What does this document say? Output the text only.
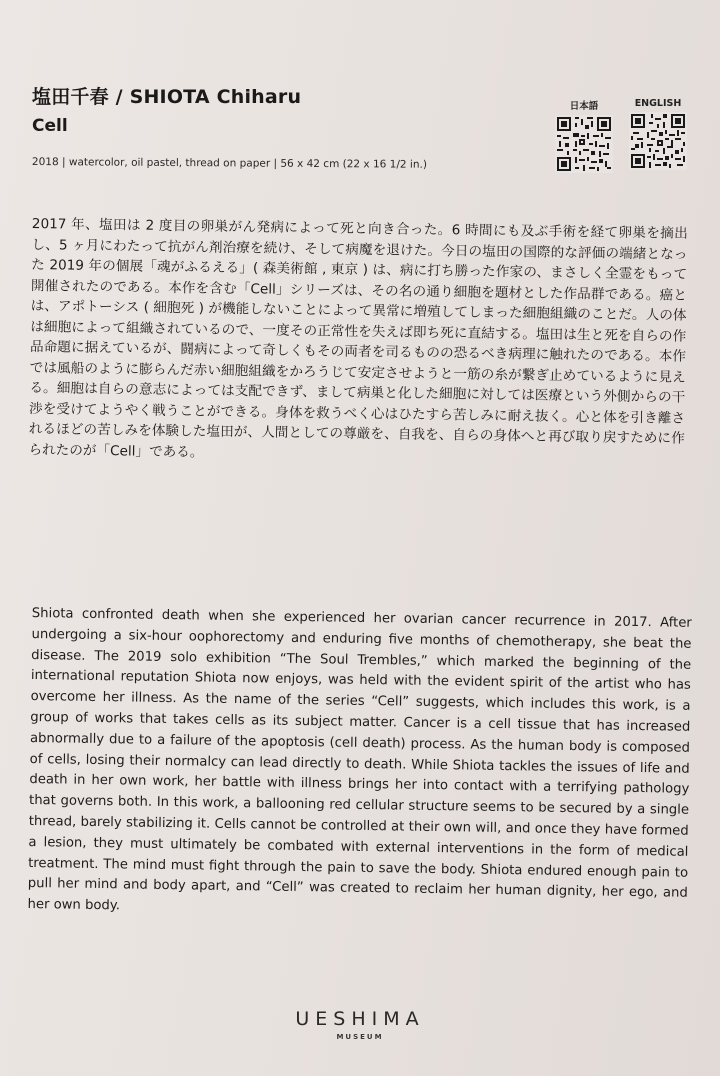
塩田千春 / SHIOTA Chiharu
Cell
2018 | watercolor, oil pastel, thread on paper | 56 x 42 cm (22 x 16 1/2 in.)
日本語	ENGLISH
2017 年、塩田は 2 度目の卵巣がん発病によって死と向き合った。6 時間にも及ぶ手術を経て卵巣を摘出し、5 ヶ月にわたって抗がん剤治療を続け、そして病魔を退けた。今日の塩田の国際的な評価の端緒となった 2019 年の個展「魂がふるえる」( 森美術館 , 東京 ) は、病に打ち勝った作家の、まさしく全霊をもって開催されたのである。本作を含む「Cell」シリーズは、その名の通り細胞を題材とした作品群である。癌とは、アポトーシス ( 細胞死 ) が機能しないことによって異常に増殖してしまった細胞組織のことだ。人の体は細胞によって組織されているので、一度その正常性を失えば即ち死に直結する。塩田は生と死を自らの作品命題に据えているが、闘病によって奇しくもその両者を司るものの恐るべき病理に触れたのである。本作では風船のように膨らんだ赤い細胞組織をかろうじて安定させようと一筋の糸が繋ぎ止めているように見える。細胞は自らの意志によっては支配できず、まして病巣と化した細胞に対しては医療という外側からの干渉を受けてようやく戦うことができる。身体を救うべく心はひたすら苦しみに耐え抜く。心と体を引き離されるほどの苦しみを体験した塩田が、人間としての尊厳を、自我を、自らの身体へと再び取り戻すために作られたのが「Cell」である。
Shiota confronted death when she experienced her ovarian cancer recurrence in 2017. After undergoing a six-hour oophorectomy and enduring five months of chemotherapy, she beat the disease. The 2019 solo exhibition “The Soul Trembles,” which marked the beginning of the international reputation Shiota now enjoys, was held with the evident spirit of the artist who has overcome her illness. As the name of the series “Cell” suggests, which includes this work, is a group of works that takes cells as its subject matter. Cancer is a cell tissue that has increased abnormally due to a failure of the apoptosis (cell death) process. As the human body is composed of cells, losing their normalcy can lead directly to death. While Shiota tackles the issues of life and death in her own work, her battle with illness brings her into contact with a terrifying pathology that governs both. In this work, a ballooning red cellular structure seems to be secured by a single thread, barely stabilizing it. Cells cannot be controlled at their own will, and once they have formed a lesion, they must ultimately be combated with external interventions in the form of medical treatment. The mind must fight through the pain to save the body. Shiota endured enough pain to pull her mind and body apart, and “Cell” was created to reclaim her human dignity, her ego, and her own body.
UESHIMA
MUSEUM
